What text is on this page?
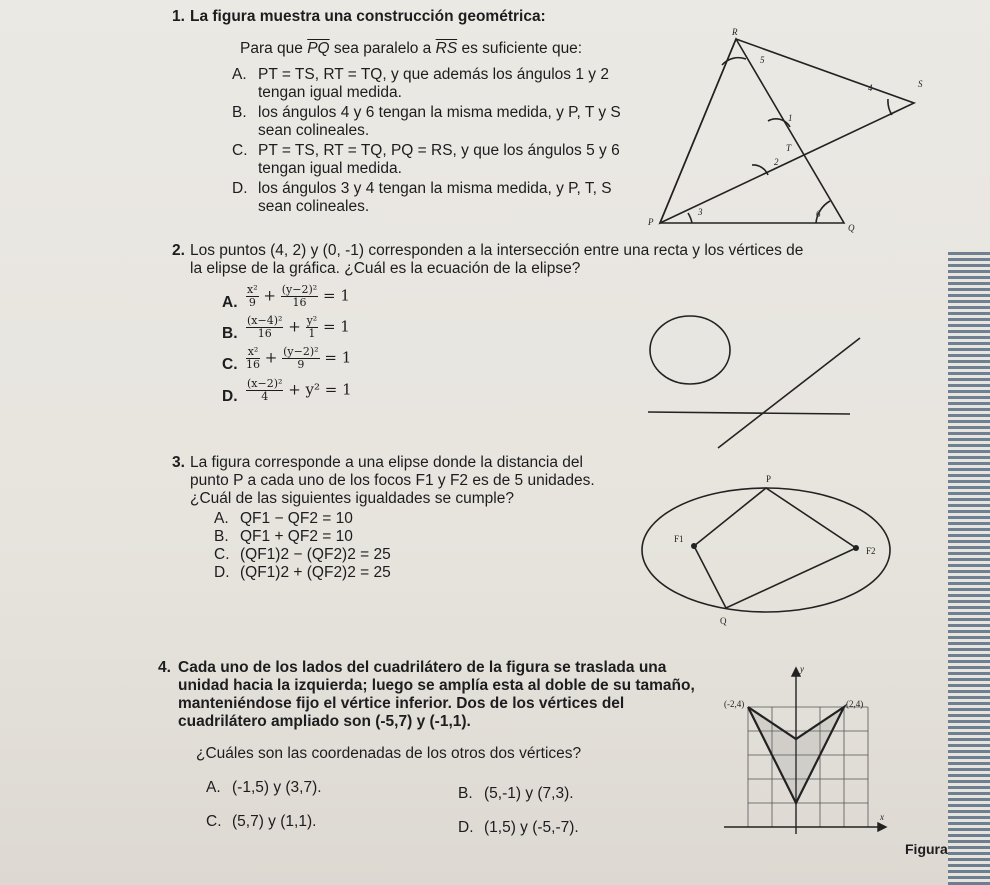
1. La figura muestra una construcción geométrica:
Para que $\overline{PQ}$ sea paralelo a $\overline{RS}$ es suficiente que:
A. PT = TS, RT = TQ, y que además los ángulos 1 y 2
tengan igual medida.
B. los ángulos 4 y 6 tengan la misma medida, y P, T y S
sean colineales.
C. PT = TS, RT = TQ, PQ = RS, y que los ángulos 5 y 6
tengan igual medida.
D. los ángulos 3 y 4 tengan la misma medida, y P, T, S
sean colineales.
R
S
T
P
Q
5
4
1
2
3	6
2. Los puntos (4, 2) y (0, -1) corresponden a la intersección entre una recta y los vértices de
la elipse de la gráfica. ¿Cuál es la ecuación de la elipse?
A. $\frac{\text{x²}}{9} + \frac{\text{(y−2)²}}{16} = 1$
B. $\frac{\text{(x−4)²}}{16} + \frac{\text{y²}}{1} = 1$
C. $\frac{\text{x²}}{16} + \frac{\text{(y−2)²}}{9} = 1$
D. $\frac{\text{(x−2)²}}{4} + y^2 = 1$
3. La figura corresponde a una elipse donde la distancia del
punto P a cada uno de los focos F1 y F2 es de 5 unidades.
¿Cuál de las siguientes igualdades se cumple?
A. QF1 − QF2 = 10
B. QF1 + QF2 = 10
C. (QF1)2 − (QF2)2 = 25
D. (QF1)2 + (QF2)2 = 25
P
F1
F2
Q
4. Cada uno de los lados del cuadrilátero de la figura se traslada una
unidad hacia la izquierda; luego se amplía esta al doble de su tamaño,
manteniéndose fijo el vértice inferior. Dos de los vértices del
cuadrilátero ampliado son (-5,7) y (-1,1).
¿Cuáles son las coordenadas de los otros dos vértices?
A. (-1,5) y (3,7).	B. (5,-1) y (7,3).
C. (5,7) y (1,1).	D. (1,5) y (-5,-7).
y
x
(-2,4)	(2,4)
Figura
